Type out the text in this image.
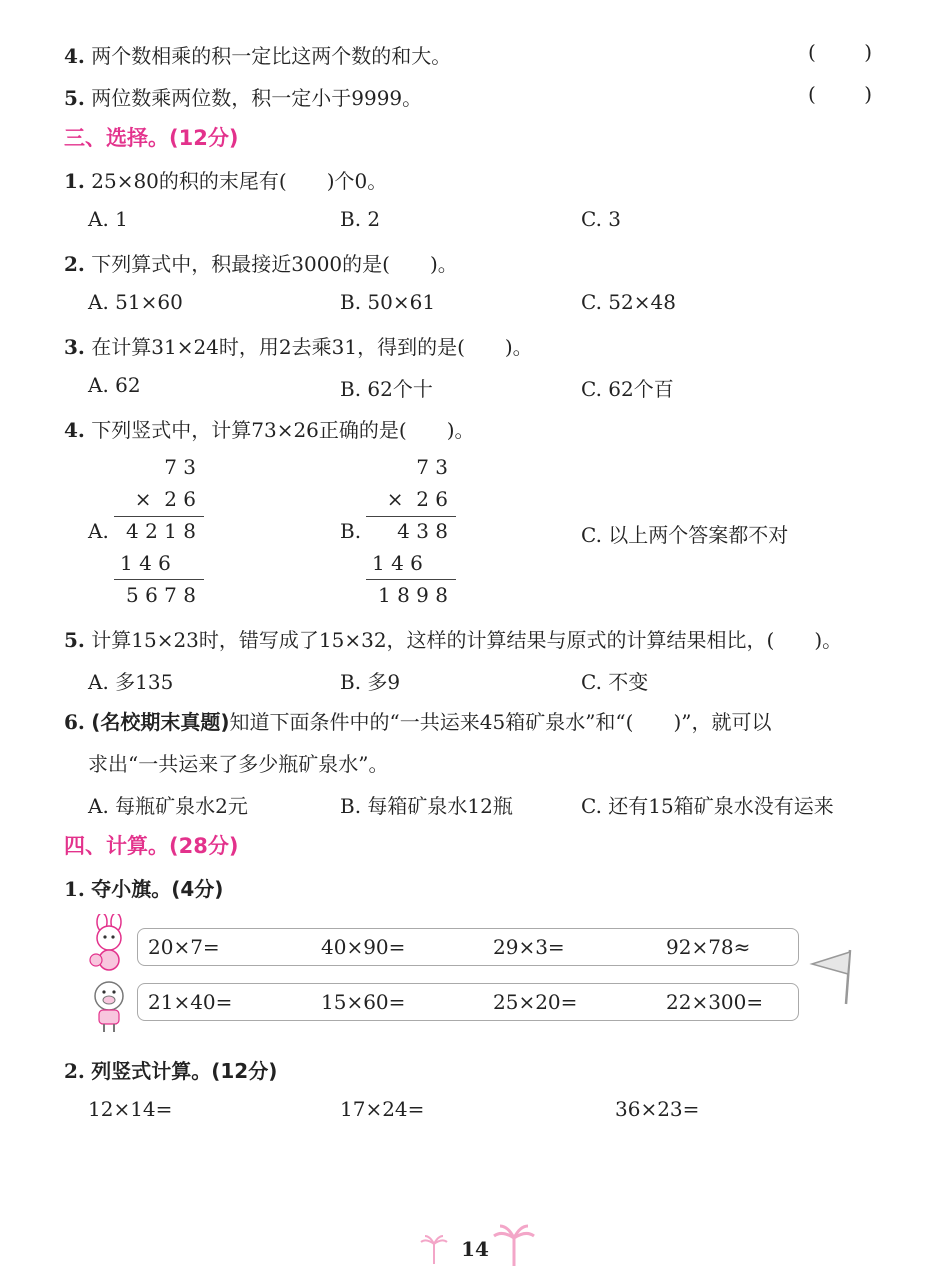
4. 两个数相乘的积一定比这两个数的和大。	( )
5. 两位数乘两位数，积一定小于9999。	( )
三、选择。(12分)
1. 25×80的积的末尾有(　　)个0。
A. 1	B. 2	C. 3
2. 下列算式中，积最接近3000的是(　　)。
A. 51×60	B. 50×61	C. 52×48
3. 在计算31×24时，用2去乘31，得到的是(　　)。
A. 62	B. 62个十	C. 62个百
4. 下列竖式中，计算73×26正确的是(　　)。
A.
7 3
×  2 6
4 2 1 8
1 4 6
5 6 7 8
B.
7 3
×  2 6
4 3 8
1 4 6
1 8 9 8
C. 以上两个答案都不对
5. 计算15×23时，错写成了15×32，这样的计算结果与原式的计算结果相比，(　　)。
A. 多135	B. 多9	C. 不变
6. (名校期末真题)知道下面条件中的“一共运来45箱矿泉水”和“(　　)”，就可以
求出“一共运来了多少瓶矿泉水”。
A. 每瓶矿泉水2元	B. 每箱矿泉水12瓶	C. 还有15箱矿泉水没有运来
四、计算。(28分)
1. 夺小旗。(4分)
20×7=	40×90=	29×3=	92×78≈
21×40=	15×60=	25×20=	22×300=
2. 列竖式计算。(12分)
12×14=	17×24=	36×23=
14
